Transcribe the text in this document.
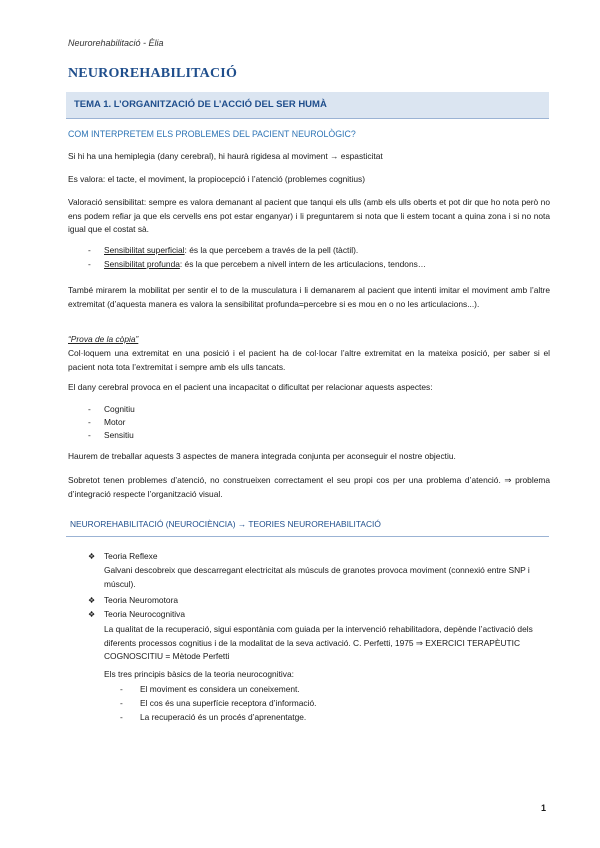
Neurorehabilitació - Èlia
NEUROREHABILITACIÓ
TEMA 1. L’ORGANITZACIÓ DE L’ACCIÓ DEL SER HUMÀ
COM INTERPRETEM ELS PROBLEMES DEL PACIENT NEUROLÒGIC?
Si hi ha una hemiplegia (dany cerebral), hi haurà rigidesa al moviment → espasticitat
Es valora: el tacte, el moviment, la propiocepció i l’atenció (problemes cognitius)
Valoració sensibilitat: sempre es valora demanant al pacient que tanqui els ulls (amb els ulls oberts et pot dir que ho nota però no ens podem refiar ja que els cervells ens pot estar enganyar) i li preguntarem si nota que li estem tocant a quina zona i si no nota igual que el costat sà.
- Sensibilitat superficial: és la que percebem a través de la pell (tàctil).
- Sensibilitat profunda: és la que percebem a nivell intern de les articulacions, tendons…
També mirarem la mobilitat per sentir el to de la musculatura i li demanarem al pacient que intenti imitar el moviment amb l’altre extremitat (d’aquesta manera es valora la sensibilitat profunda=percebre si es mou en o no les articulacions...).
“Prova de la còpia”
Col·loquem una extremitat en una posició i el pacient ha de col·locar l’altre extremitat en la mateixa posició, per saber si el pacient nota tota l’extremitat i sempre amb els ulls tancats.
El dany cerebral provoca en el pacient una incapacitat o dificultat per relacionar aquests aspectes:
- Cognitiu
- Motor
- Sensitiu
Haurem de treballar aquests 3 aspectes de manera integrada conjunta per aconseguir el nostre objectiu.
Sobretot tenen problemes d’atenció, no construeixen correctament el seu propi cos per una problema d’atenció. ⇒ problema d’integració respecte l’organització visual.
NEUROREHABILITACIÓ (NEUROCIÈNCIA) → TEORIES NEUROREHABILITACIÓ
❖ Teoria Reflexe
Galvani descobreix que descarregant electricitat als músculs de granotes provoca moviment (connexió entre SNP i múscul).
❖ Teoria Neuromotora
❖ Teoria Neurocognitiva
La qualitat de la recuperació, sigui espontània com guiada per la intervenció rehabilitadora, depènde l’activació dels diferents processos cognitius i de la modalitat de la seva activació. C. Perfetti, 1975 ⇒ EXERCICI TERAPÈUTIC COGNOSCITIU = Mètode Perfetti
Els tres principis bàsics de la teoria neurocognitiva:
- El moviment es considera un coneixement.
- El cos és una superfície receptora d’informació.
- La recuperació és un procés d’aprenentatge.
1
